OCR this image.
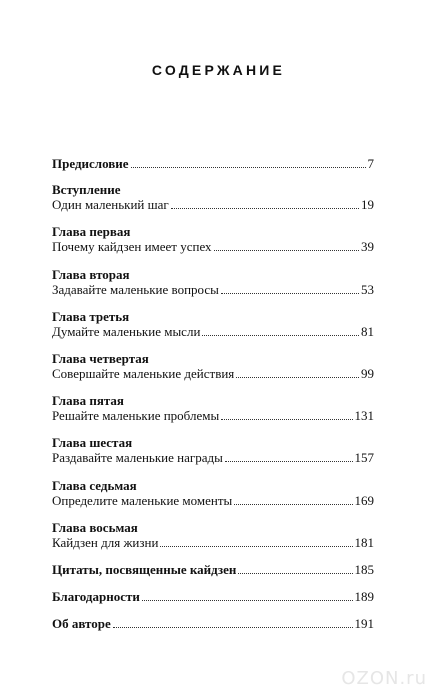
СОДЕРЖАНИЕ
Предисловие	7
Вступление
Один маленький шаг	19
Глава первая
Почему кайдзен имеет успех	39
Глава вторая
Задавайте маленькие вопросы	53
Глава третья
Думайте маленькие мысли	81
Глава четвертая
Совершайте маленькие действия	99
Глава пятая
Решайте маленькие проблемы	131
Глава шестая
Раздавайте маленькие награды	157
Глава седьмая
Определите маленькие моменты	169
Глава восьмая
Кайдзен для жизни	181
Цитаты, посвященные кайдзен	185
Благодарности	189
Об авторе	191
OZON.ru
